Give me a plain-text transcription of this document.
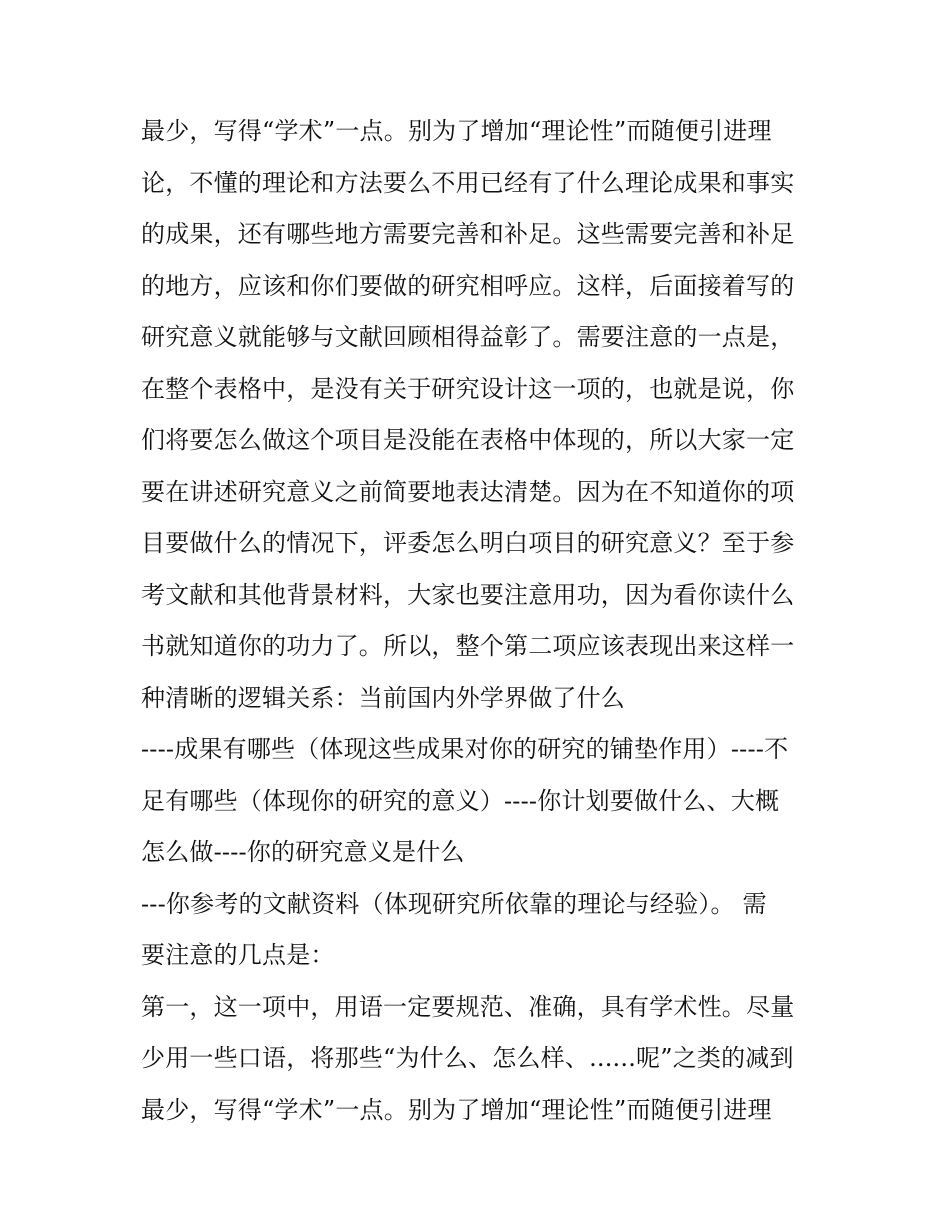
最少，写得“学术”一点。别为了增加“理论性”而随便引进理
论，不懂的理论和方法要么不用已经有了什么理论成果和事实
的成果，还有哪些地方需要完善和补足。这些需要完善和补足
的地方，应该和你们要做的研究相呼应。这样，后面接着写的
研究意义就能够与文献回顾相得益彰了。需要注意的一点是，
在整个表格中，是没有关于研究设计这一项的，也就是说，你
们将要怎么做这个项目是没能在表格中体现的，所以大家一定
要在讲述研究意义之前简要地表达清楚。因为在不知道你的项
目要做什么的情况下，评委怎么明白项目的研究意义？至于参
考文献和其他背景材料，大家也要注意用功，因为看你读什么
书就知道你的功力了。所以，整个第二项应该表现出来这样一
种清晰的逻辑关系：当前国内外学界做了什么
----成果有哪些（体现这些成果对你的研究的铺垫作用）----不
足有哪些（体现你的研究的意义）----你计划要做什么、大概
怎么做----你的研究意义是什么
---你参考的文献资料（体现研究所依靠的理论与经验）。 需
要注意的几点是：
第一，这一项中，用语一定要规范、准确，具有学术性。尽量
少用一些口语，将那些“为什么、怎么样、......呢”之类的减到
最少，写得“学术”一点。别为了增加“理论性”而随便引进理
